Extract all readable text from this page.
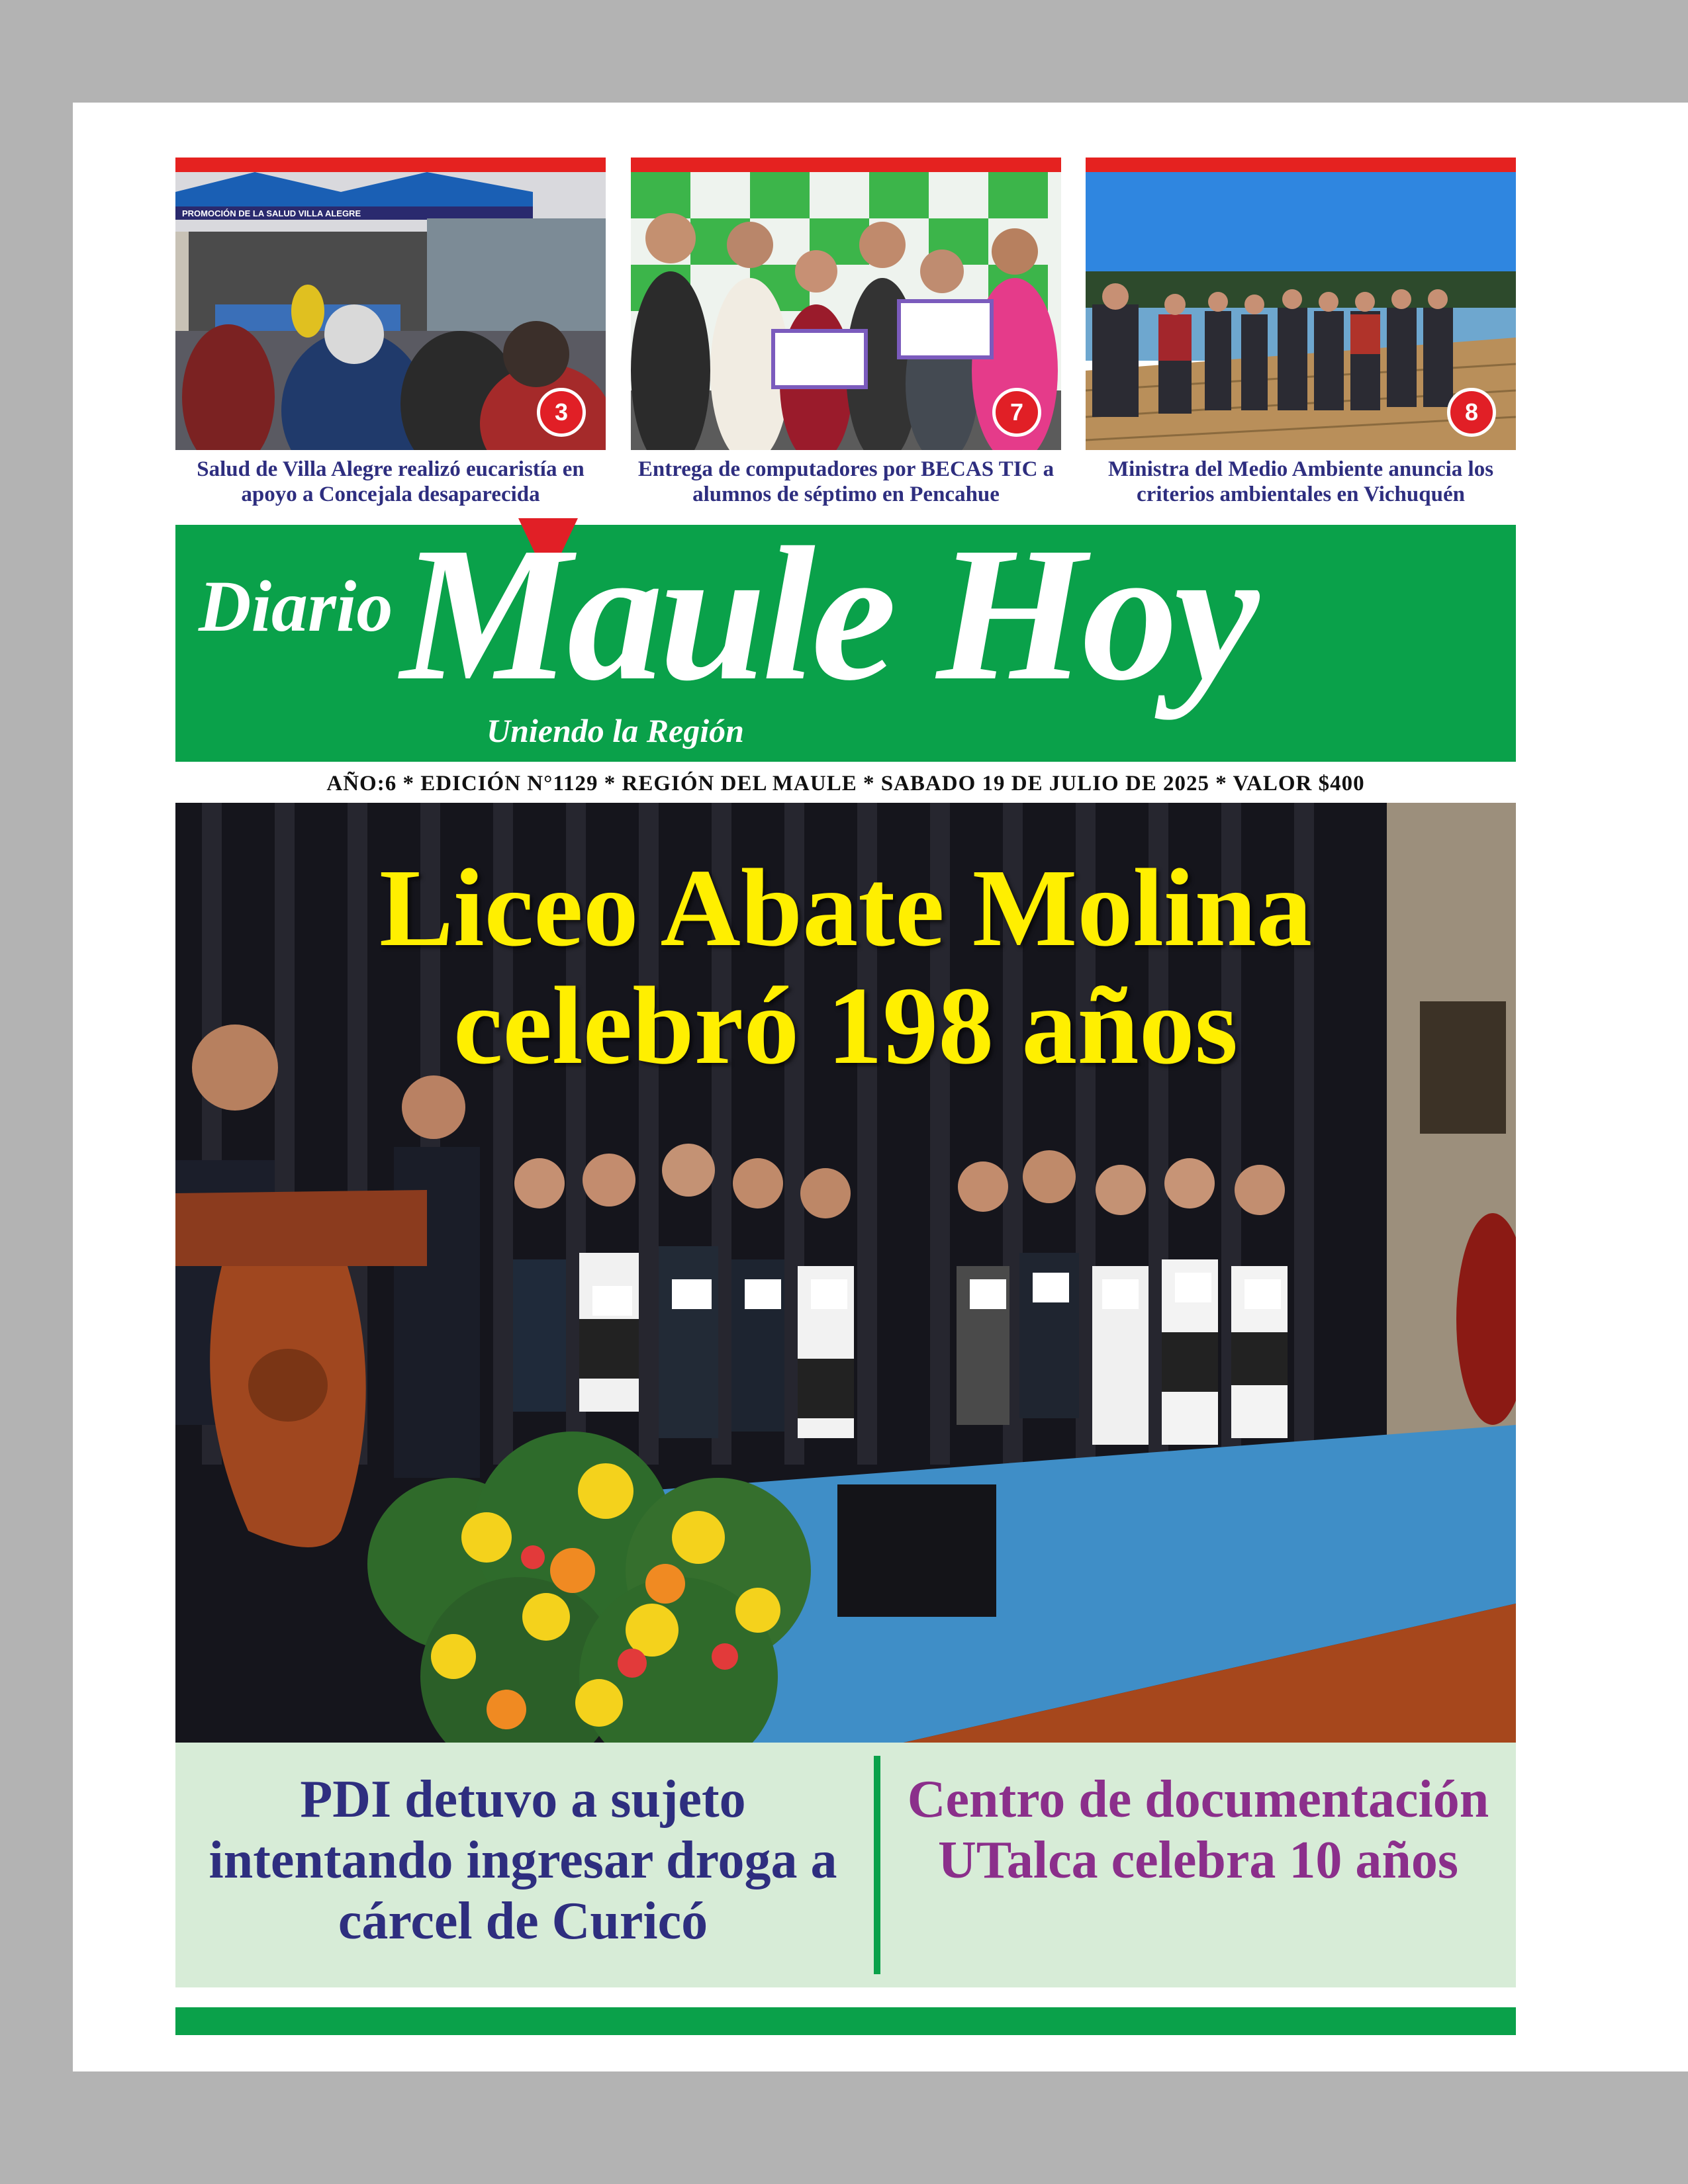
PROMOCIÓN DE LA SALUD VILLA ALEGRE
3
Salud de Villa Alegre realizó eucaristía en apoyo a Concejala desaparecida
7
Entrega de computadores por BECAS TIC a alumnos de séptimo en Pencahue
8
Ministra del Medio Ambiente anuncia los criterios ambientales en Vichuquén
Diario Maule Hoy
Uniendo la Región
AÑO:6 * EDICIÓN N°1129 * REGIÓN DEL MAULE * SABADO 19 DE JULIO DE 2025 * VALOR $400
Liceo Abate Molina
celebró 198 años
PDI detuvo a sujeto intentando ingresar droga a cárcel de Curicó
Centro de documentación UTalca celebra 10 años
